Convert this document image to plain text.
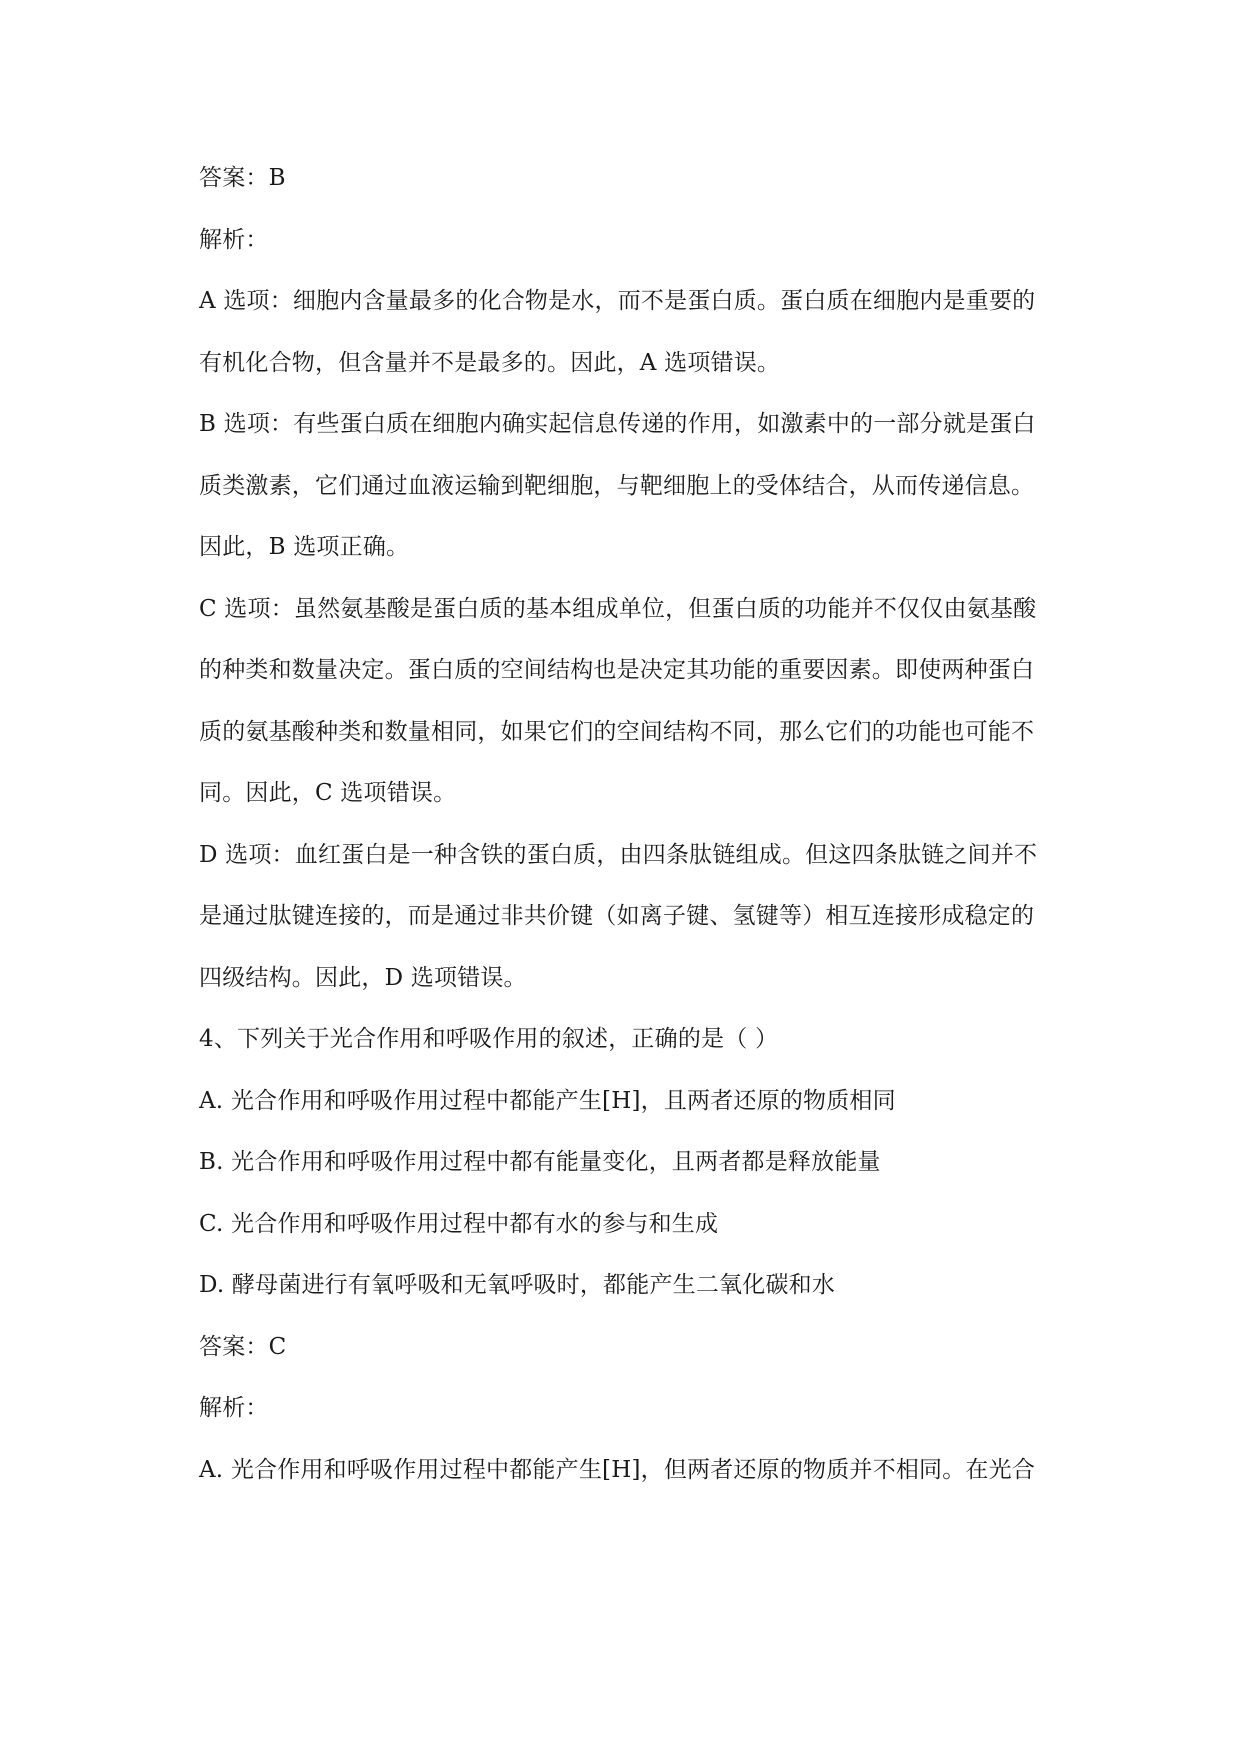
答案：B
解析：
A 选项：细胞内含量最多的化合物是水，而不是蛋白质。蛋白质在细胞内是重要的
有机化合物，但含量并不是最多的。因此，A 选项错误。
B 选项：有些蛋白质在细胞内确实起信息传递的作用，如激素中的一部分就是蛋白
质类激素，它们通过血液运输到靶细胞，与靶细胞上的受体结合，从而传递信息。
因此，B 选项正确。
C 选项：虽然氨基酸是蛋白质的基本组成单位，但蛋白质的功能并不仅仅由氨基酸
的种类和数量决定。蛋白质的空间结构也是决定其功能的重要因素。即使两种蛋白
质的氨基酸种类和数量相同，如果它们的空间结构不同，那么它们的功能也可能不
同。因此，C 选项错误。
D 选项：血红蛋白是一种含铁的蛋白质，由四条肽链组成。但这四条肽链之间并不
是通过肽键连接的，而是通过非共价键（如离子键、氢键等）相互连接形成稳定的
四级结构。因此，D 选项错误。
4、下列关于光合作用和呼吸作用的叙述，正确的是（ ）
A. 光合作用和呼吸作用过程中都能产生[H]，且两者还原的物质相同
B. 光合作用和呼吸作用过程中都有能量变化，且两者都是释放能量
C. 光合作用和呼吸作用过程中都有水的参与和生成
D. 酵母菌进行有氧呼吸和无氧呼吸时，都能产生二氧化碳和水
答案：C
解析：
A. 光合作用和呼吸作用过程中都能产生[H]，但两者还原的物质并不相同。在光合
